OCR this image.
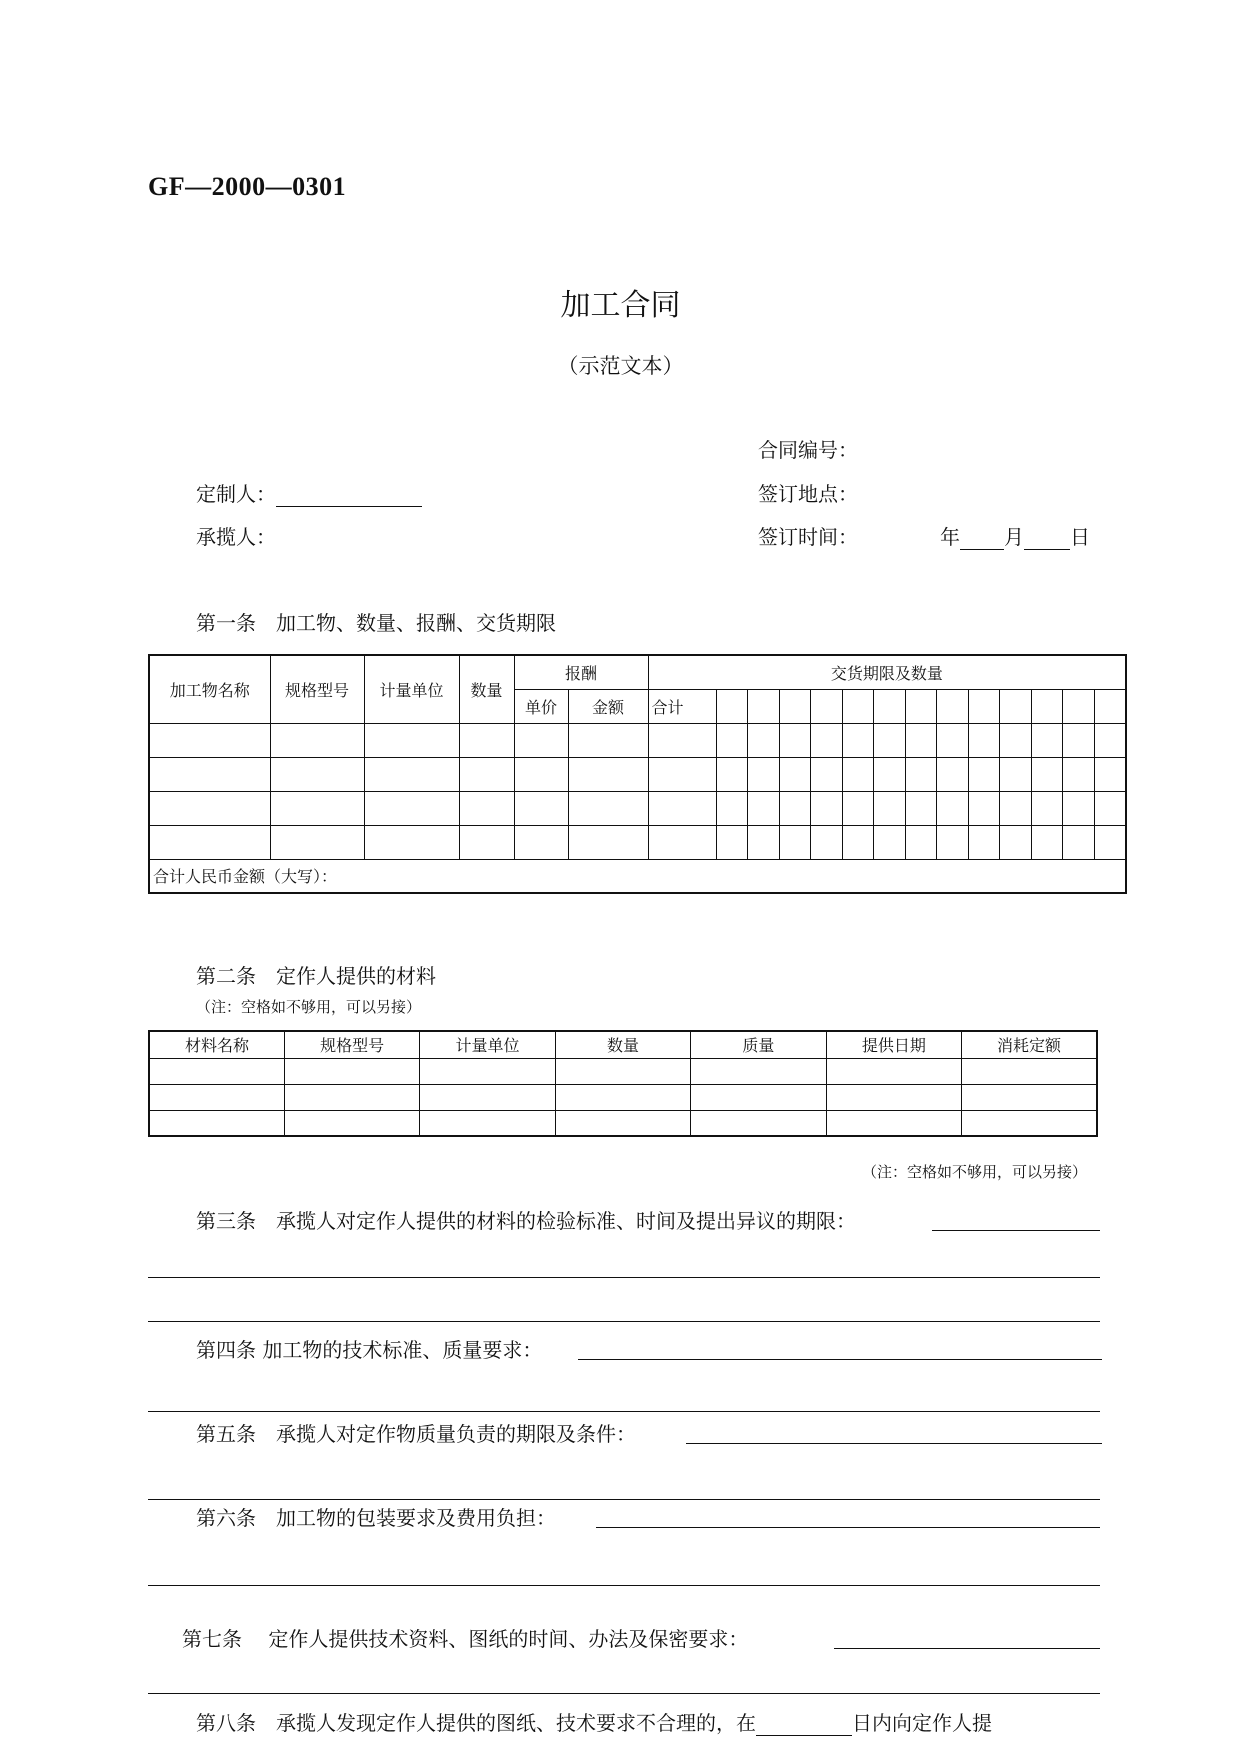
GF—2000—0301
加工合同
（示范文本）
合同编号：
定制人：	签订地点：
承揽人：	签订时间：	年 月 日
第一条　加工物、数量、报酬、交货期限
加工物名称	规格型号	计量单位	数量	报酬		交货期限及数量													
				单价	金额	合计													

合计人民币金额（大写）：																			
第二条　定作人提供的材料
（注：空格如不够用，可以另接）
材料名称	规格型号	计量单位	数量	质量	提供日期	消耗定额

（注：空格如不够用，可以另接）
第三条　承揽人对定作人提供的材料的检验标准、时间及提出异议的期限：
第四条 加工物的技术标准、质量要求：
第五条　承揽人对定作物质量负责的期限及条件：
第六条　加工物的包装要求及费用负担：
第七条　 定作人提供技术资料、图纸的时间、办法及保密要求：
第八条　承揽人发现定作人提供的图纸、技术要求不合理的，在	日内向定作人提
